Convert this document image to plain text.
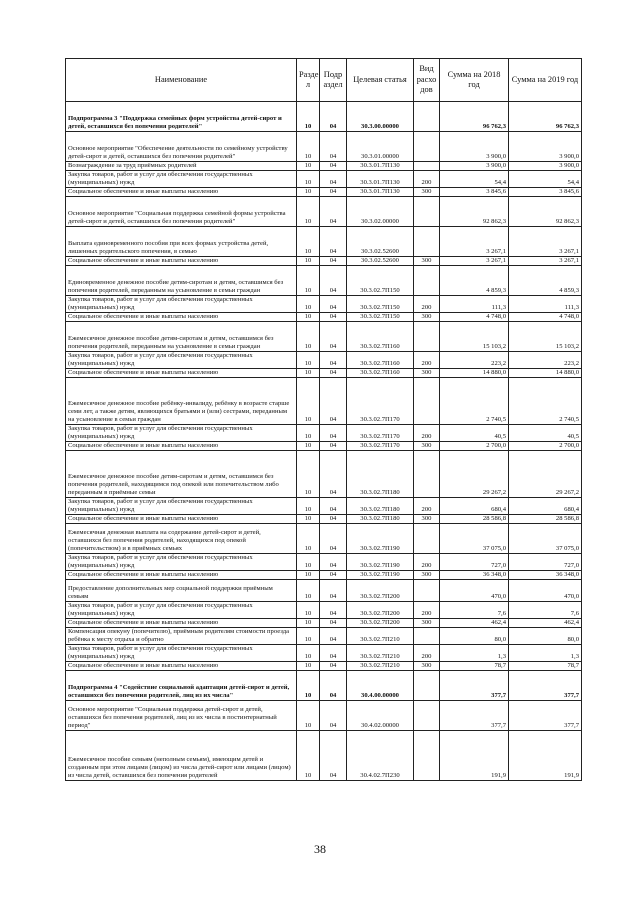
Наименование	Разде л	Подр аздел	Целевая статья	Вид расхо дов	Сумма на 2018 год	Сумма на 2019 год
Подпрограмма 3 "Поддержка семейных форм устройства детей-сирот и детей, оставшихся без попечения родителей"	10	04	30.3.00.00000		96 762,3	96 762,3
Основное мероприятие "Обеспечение деятельности по семейному устройству детей-сирот и детей, оставшихся без попечения родителей"	10	04	30.3.01.00000		3 900,0	3 900,0
Вознаграждение за труд приёмных родителей	10	04	30.3.01.7П130		3 900,0	3 900,0
Закупка товаров, работ и услуг для обеспечения государственных (муниципальных) нужд	10	04	30.3.01.7П130	200	54,4	54,4
Социальное обеспечение и иные выплаты населению	10	04	30.3.01.7П130	300	3 845,6	3 845,6
Основное мероприятие "Социальная поддержка семейной формы устройства детей-сирот и детей, оставшихся без попечения родителей"	10	04	30.3.02.00000		92 862,3	92 862,3
Выплата единовременного пособия при всех формах устройства детей, лишенных родительского попечения, в семью	10	04	30.3.02.52600		3 267,1	3 267,1
Социальное обеспечение и иные выплаты населению	10	04	30.3.02.52600	300	3 267,1	3 267,1
Единовременное денежное пособие детям-сиротам и детям, оставшимся без попечения родителей, переданным на усыновление в семьи граждан	10	04	30.3.02.7П150		4 859,3	4 859,3
Закупка товаров, работ и услуг для обеспечения государственных (муниципальных) нужд	10	04	30.3.02.7П150	200	111,3	111,3
Социальное обеспечение и иные выплаты населению	10	04	30.3.02.7П150	300	4 748,0	4 748,0
Ежемесячное денежное пособие детям-сиротам и детям, оставшимся без попечения родителей, переданным на усыновление в семьи граждан	10	04	30.3.02.7П160		15 103,2	15 103,2
Закупка товаров, работ и услуг для обеспечения государственных (муниципальных) нужд	10	04	30.3.02.7П160	200	223,2	223,2
Социальное обеспечение и иные выплаты населению	10	04	30.3.02.7П160	300	14 880,0	14 880,0
Ежемесячное денежное пособие ребёнку-инвалиду, ребёнку в возрасте старше семи лет, а также детям, являющихся братьями и (или) сестрами, переданным на усыновление в семьи граждан	10	04	30.3.02.7П170		2 740,5	2 740,5
Закупка товаров, работ и услуг для обеспечения государственных (муниципальных) нужд	10	04	30.3.02.7П170	200	40,5	40,5
Социальное обеспечение и иные выплаты населению	10	04	30.3.02.7П170	300	2 700,0	2 700,0
Ежемесячное денежное пособие детям-сиротам и детям, оставшимся без попечения родителей, находящимся под опекой или попечительством либо переданным в приёмные семьи	10	04	30.3.02.7П180		29 267,2	29 267,2
Закупка товаров, работ и услуг для обеспечения государственных (муниципальных) нужд	10	04	30.3.02.7П180	200	680,4	680,4
Социальное обеспечение и иные выплаты населению	10	04	30.3.02.7П180	300	28 586,8	28 586,8
Ежемесячная денежная выплата на содержание детей-сирот и детей, оставшихся без попечения родителей, находящихся под опекой (попечительством) и в приёмных семьях	10	04	30.3.02.7П190		37 075,0	37 075,0
Закупка товаров, работ и услуг для обеспечения государственных (муниципальных) нужд	10	04	30.3.02.7П190	200	727,0	727,0
Социальное обеспечение и иные выплаты населению	10	04	30.3.02.7П190	300	36 348,0	36 348,0
Предоставление дополнительных мер социальной поддержки приёмным семьям	10	04	30.3.02.7П200		470,0	470,0
Закупка товаров, работ и услуг для обеспечения государственных (муниципальных) нужд	10	04	30.3.02.7П200	200	7,6	7,6
Социальное обеспечение и иные выплаты населению	10	04	30.3.02.7П200	300	462,4	462,4
Компенсация опекуну (попечителю), приёмным родителям стоимости проезда ребёнка к месту отдыха и обратно	10	04	30.3.02.7П210		80,0	80,0
Закупка товаров, работ и услуг для обеспечения государственных (муниципальных) нужд	10	04	30.3.02.7П210	200	1,3	1,3
Социальное обеспечение и иные выплаты населению	10	04	30.3.02.7П210	300	78,7	78,7
Подпрограмма 4 "Содействие социальной адаптации детей-сирот и детей, оставшихся без попечения родителей, лиц из их числа"	10	04	30.4.00.00000		377,7	377,7
Основное мероприятие "Социальная поддержка детей-сирот и детей, оставшихся без попечения родителей, лиц из их числа в постинтернатный период"	10	04	30.4.02.00000		377,7	377,7
Ежемесячное пособие семьям (неполным семьям), имеющим детей и созданным при этом лицами (лицом) из числа детей-сирот или лицами (лицом) из числа детей, оставшихся без попечения родителей	10	04	30.4.02.7П230		191,9	191,9
38
